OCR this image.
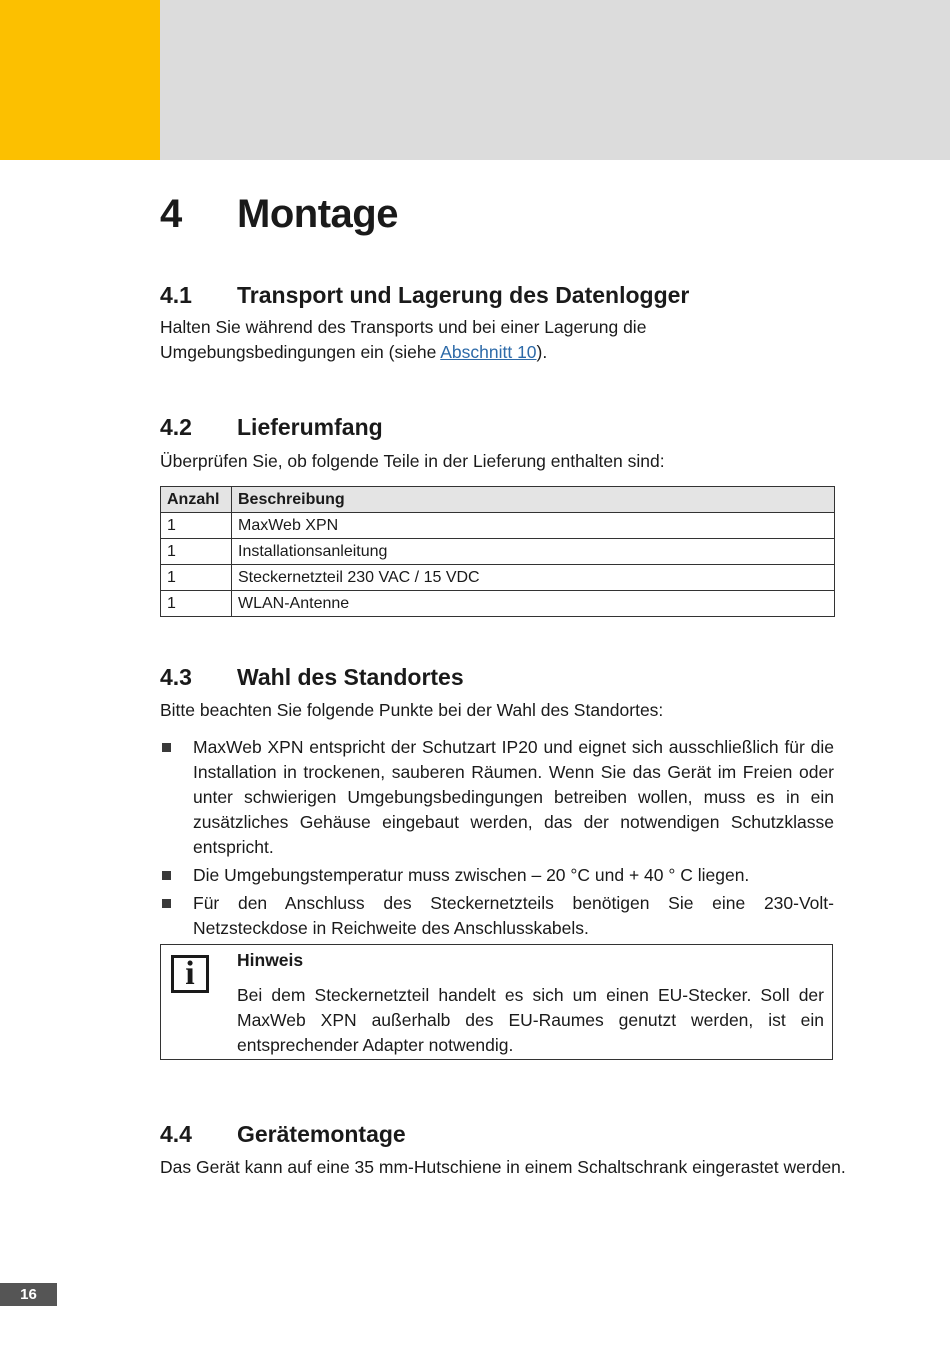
4 Montage
4.1 Transport und Lagerung des Datenlogger
Halten Sie während des Transports und bei einer Lagerung die Umgebungsbedingungen ein (siehe Abschnitt 10).
4.2 Lieferumfang
Überprüfen Sie, ob folgende Teile in der Lieferung enthalten sind:
Anzahl	Beschreibung
1	MaxWeb XPN
1	Installationsanleitung
1	Steckernetzteil 230 VAC / 15 VDC
1	WLAN-Antenne
4.3 Wahl des Standortes
Bitte beachten Sie folgende Punkte bei der Wahl des Standortes:
MaxWeb XPN entspricht der Schutzart IP20 und eignet sich ausschließlich für die Installation in trockenen, sauberen Räumen. Wenn Sie das Gerät im Freien oder unter schwierigen Umgebungsbedingungen betreiben wollen, muss es in ein zusätzliches Gehäuse eingebaut werden, das der notwendigen Schutzklasse entspricht.
Die Umgebungstemperatur muss zwischen – 20 °C und + 40 ° C liegen.
Für den Anschluss des Steckernetzteils benötigen Sie eine 230-Volt-Netzsteckdose in Reichweite des Anschlusskabels.
i	Hinweis
Bei dem Steckernetzteil handelt es sich um einen EU-Stecker. Soll der MaxWeb XPN außerhalb des EU-Raumes genutzt werden, ist ein entsprechender Adapter notwendig.
4.4 Gerätemontage
Das Gerät kann auf eine 35 mm-Hutschiene in einem Schaltschrank eingerastet werden.
16
